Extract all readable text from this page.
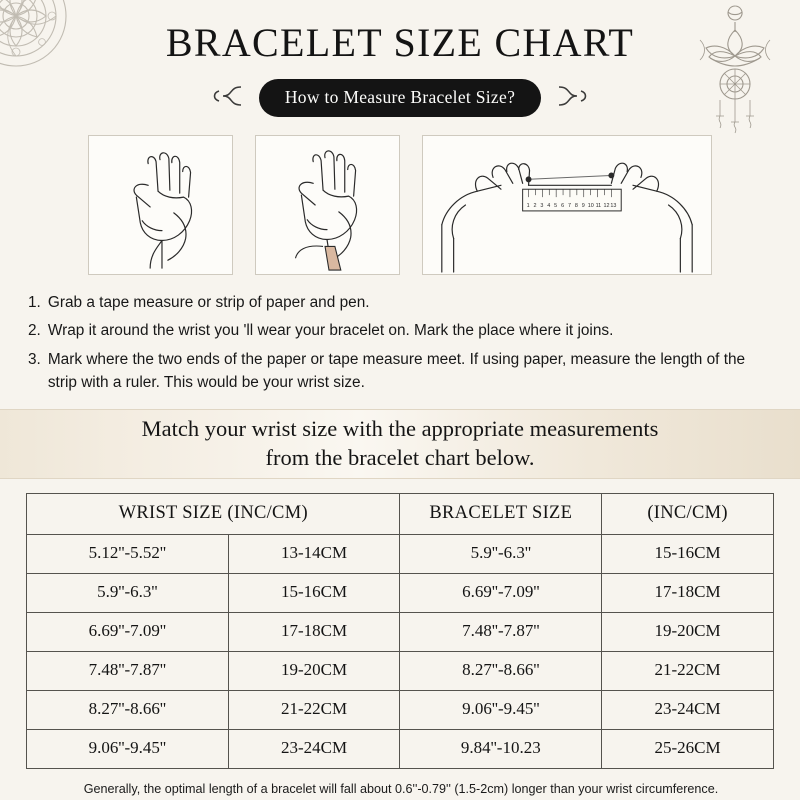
BRACELET SIZE CHART
How to Measure Bracelet Size?
1 2 3 4 5 6 7 8 9 10 11 12 13
1. Grab a tape measure or strip of paper and pen.
2. Wrap it around the wrist you 'll wear your bracelet on. Mark the place where it joins.
3. Mark where the two ends of the paper or tape measure meet. If using paper, measure the length of the strip with a ruler. This would be your wrist size.
Match your wrist size with the appropriate measurements
from the bracelet chart below.
WRIST SIZE (INC/CM)		BRACELET SIZE	(INC/CM)
5.12''-5.52''	13-14CM	5.9''-6.3''	15-16CM
5.9''-6.3''	15-16CM	6.69''-7.09''	17-18CM
6.69''-7.09''	17-18CM	7.48''-7.87''	19-20CM
7.48''-7.87''	19-20CM	8.27''-8.66''	21-22CM
8.27''-8.66''	21-22CM	9.06''-9.45''	23-24CM
9.06''-9.45''	23-24CM	9.84''-10.23	25-26CM
Generally, the optimal length of a bracelet will fall about 0.6''-0.79'' (1.5-2cm) longer than your wrist circumference.
